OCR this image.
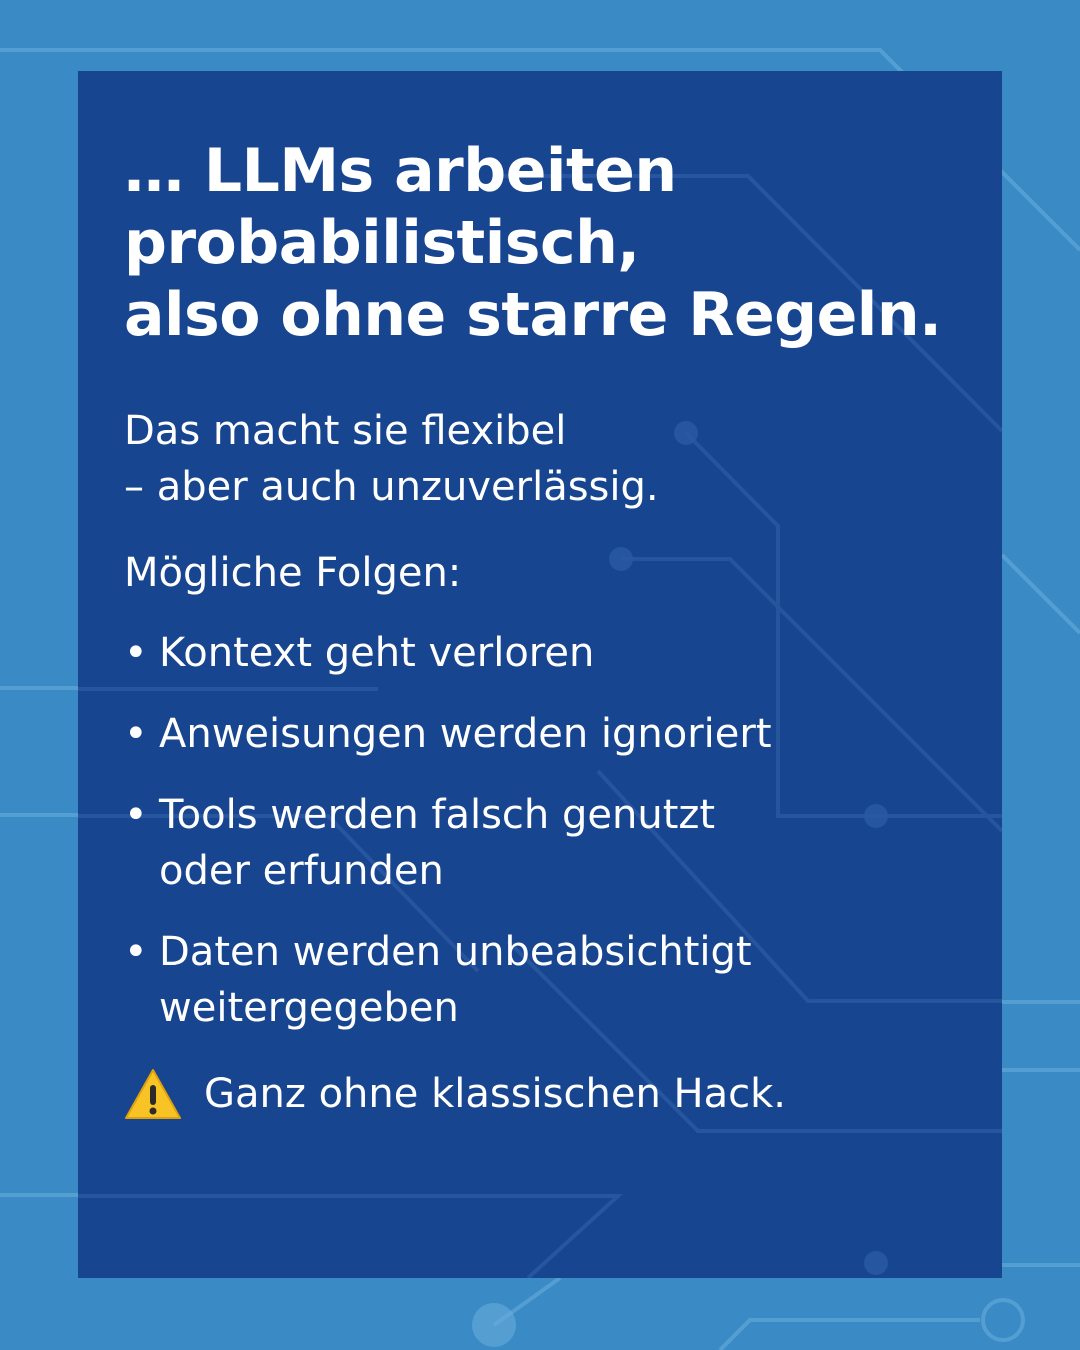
… LLMs arbeiten
probabilistisch,
also ohne starre Regeln.
Das macht sie flexibel
– aber auch unzuverlässig.
Mögliche Folgen:
• Kontext geht verloren
• Anweisungen werden ignoriert
• Tools werden falsch genutzt
oder erfunden
• Daten werden unbeabsichtigt
weitergegeben
Ganz ohne klassischen Hack.
